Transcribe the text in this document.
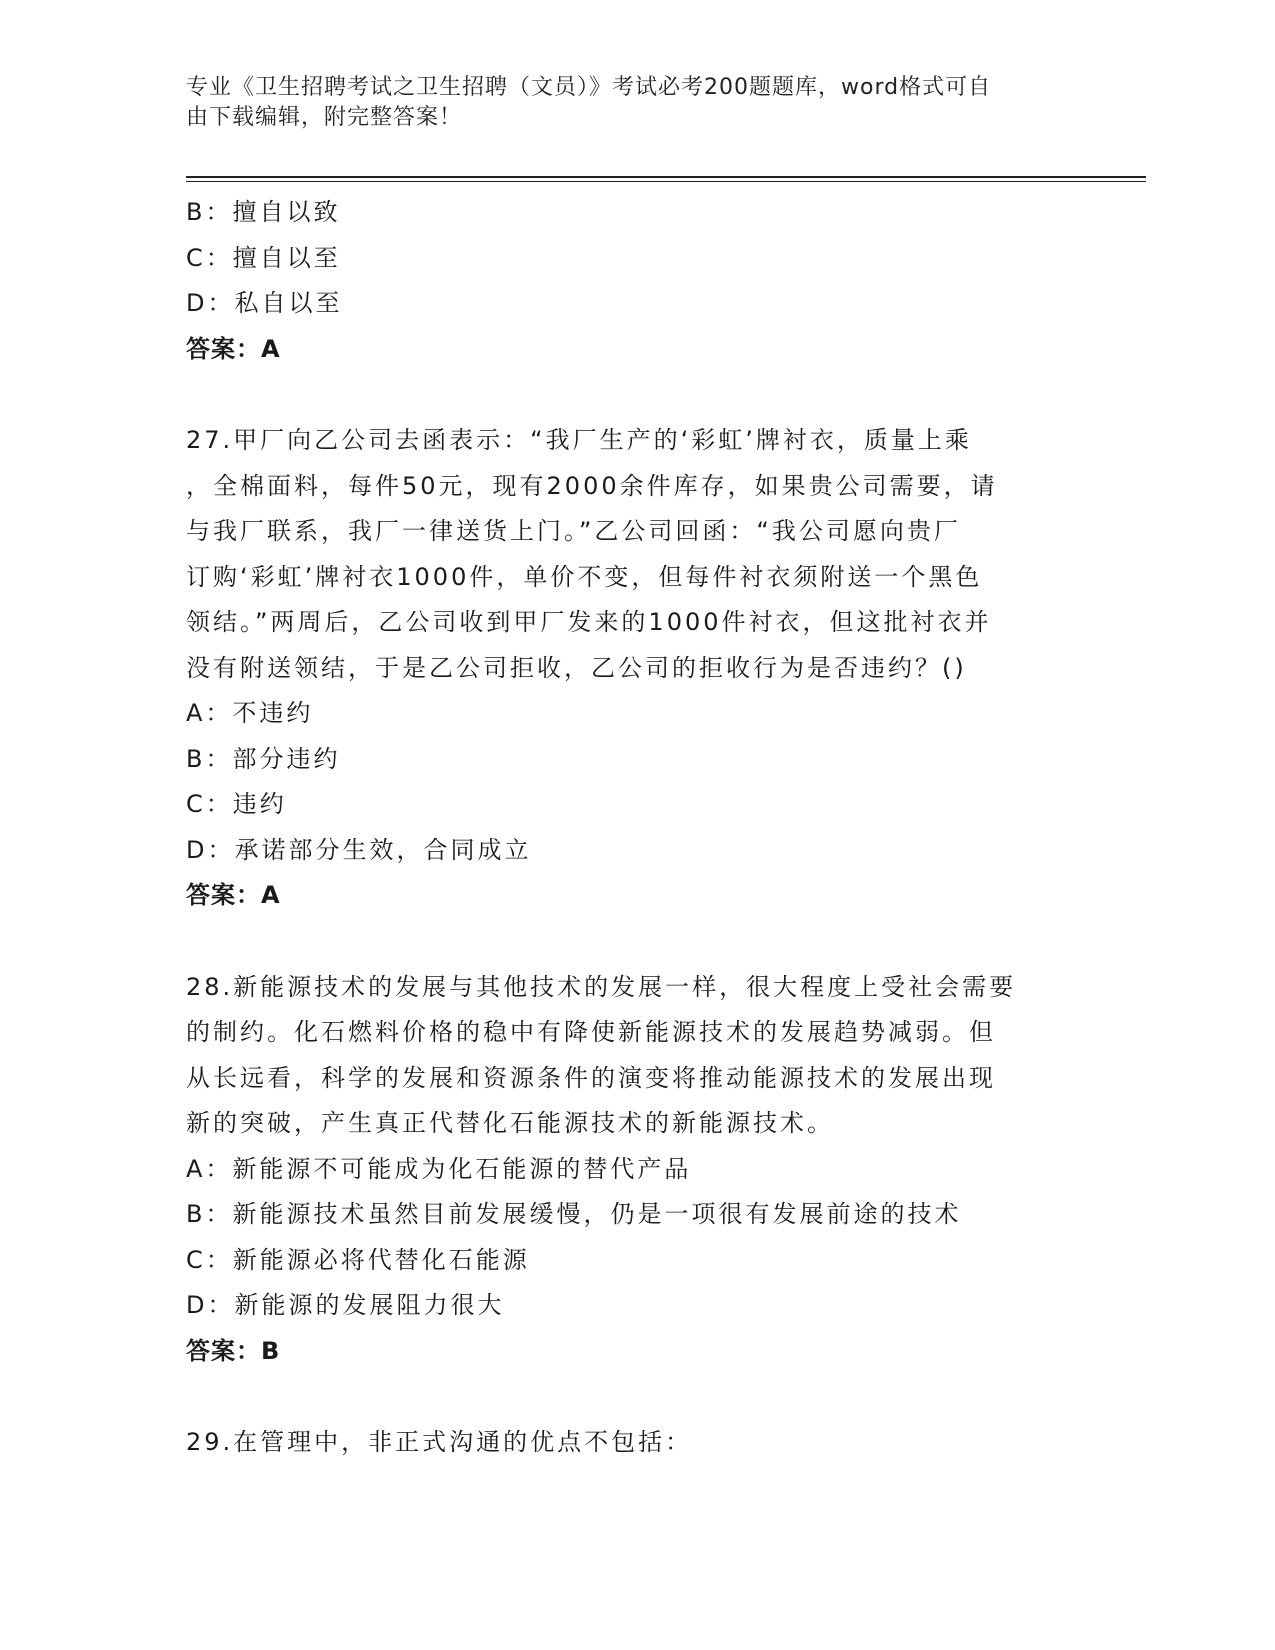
专业《卫生招聘考试之卫生招聘（文员）》考试必考200题题库，word格式可自
由下载编辑，附完整答案！
B：擅自以致
C：擅自以至
D：私自以至
答案：A
27.甲厂向乙公司去函表示：“我厂生产的‘彩虹’牌衬衣，质量上乘
，全棉面料，每件50元，现有2000余件库存，如果贵公司需要，请
与我厂联系，我厂一律送货上门。”乙公司回函：“我公司愿向贵厂
订购‘彩虹’牌衬衣1000件，单价不变，但每件衬衣须附送一个黑色
领结。”两周后，乙公司收到甲厂发来的1000件衬衣，但这批衬衣并
没有附送领结，于是乙公司拒收，乙公司的拒收行为是否违约？()
A：不违约
B：部分违约
C：违约
D：承诺部分生效，合同成立
答案：A
28.新能源技术的发展与其他技术的发展一样，很大程度上受社会需要
的制约。化石燃料价格的稳中有降使新能源技术的发展趋势减弱。但
从长远看，科学的发展和资源条件的演变将推动能源技术的发展出现
新的突破，产生真正代替化石能源技术的新能源技术。
A：新能源不可能成为化石能源的替代产品
B：新能源技术虽然目前发展缓慢，仍是一项很有发展前途的技术
C：新能源必将代替化石能源
D：新能源的发展阻力很大
答案：B
29.在管理中，非正式沟通的优点不包括：
